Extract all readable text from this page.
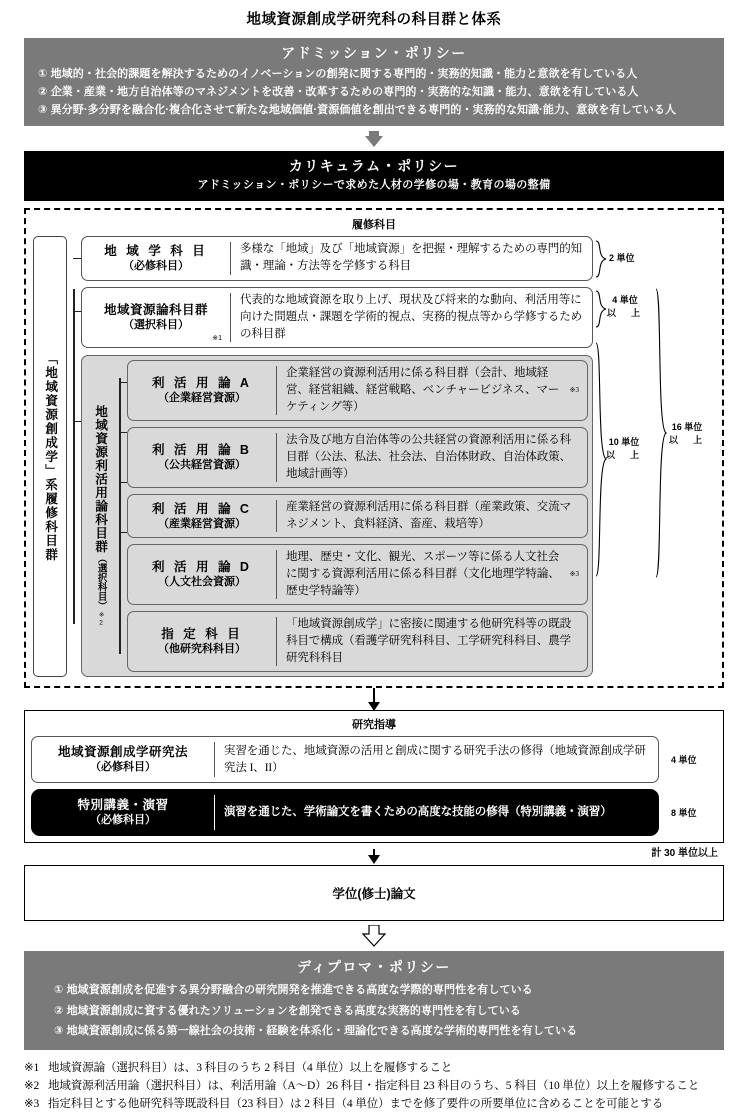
地域資源創成学研究科の科目群と体系
アドミッション・ポリシー
① 地域的・社会的課題を解決するためのイノベーションの創発に関する専門的・実務的知識・能力と意欲を有している人
② 企業・産業・地方自治体等のマネジメントを改善・改革するための専門的・実務的な知識・能力、意欲を有している人
③ 異分野·多分野を融合化·複合化させて新たな地域価値·資源価値を創出できる専門的・実務的な知識·能力、意欲を有している人
カリキュラム・ポリシー
アドミッション・ポリシーで求めた人材の学修の場・教育の場の整備
履修科目
「地域資源創成学」系履修科目群
地 域 学 科 目
（必修科目）
多様な「地域」及び「地域資源」を把握・理解するための専門的知識・理論・方法等を学修する科目
地域資源論科目群
（選択科目）
※1
代表的な地域資源を取り上げ、現状及び将来的な動向、利活用等に向けた問題点・課題を学術的視点、実務的視点等から学修するための科目群
地域資源利活用論科目群（選択科目）※2
利 活 用 論 A
（企業経営資源）
企業経営の資源利活用に係る科目群（会計、地域経営、経営組織、経営戦略、ベンチャービジネス、マーケティング等）
※3
利 活 用 論 B
（公共経営資源）
法令及び地方自治体等の公共経営の資源利活用に係る科目群（公法、私法、社会法、自治体財政、自治体政策、地域計画等）
利 活 用 論 C
（産業経営資源）
産業経営の資源利活用に係る科目群（産業政策、交流マネジメント、食料経済、畜産、栽培等）
利 活 用 論 D
（人文社会資源）
地理、歴史・文化、観光、スポーツ等に係る人文社会に関する資源利活用に係る科目群（文化地理学特論、歴史学特論等）
※3
指 定 科 目
（他研究科科目）
「地域資源創成学」に密接に関連する他研究科等の既設科目で構成（看護学研究科科目、工学研究科科目、農学研究科科目
2 単位
4 単位
以　上
10 単位
以　上
16 単位
以　上
研究指導
地域資源創成学研究法
（必修科目）
実習を通じた、地域資源の活用と創成に関する研究手法の修得（地域資源創成学研究法 I、II）
特別講義・演習
（必修科目）
演習を通じた、学術論文を書くための高度な技能の修得（特別講義・演習）
4 単位
8 単位
計 30 単位以上
学位(修士)論文
ディプロマ・ポリシー
① 地域資源創成を促進する異分野融合の研究開発を推進できる高度な学際的専門性を有している
② 地域資源創成に資する優れたソリューションを創発できる高度な実務的専門性を有している
③ 地域資源創成に係る第一線社会の技術・経験を体系化・理論化できる高度な学術的専門性を有している
※1 地域資源論（選択科目）は、3 科目のうち 2 科目（4 単位）以上を履修すること
※2 地域資源利活用論（選択科目）は、利活用論（A〜D）26 科目・指定科目 23 科目のうち、5 科目（10 単位）以上を履修すること
※3 指定科目とする他研究科等既設科目（23 科目）は 2 科目（4 単位）までを修了要件の所要単位に含めることを可能とする
